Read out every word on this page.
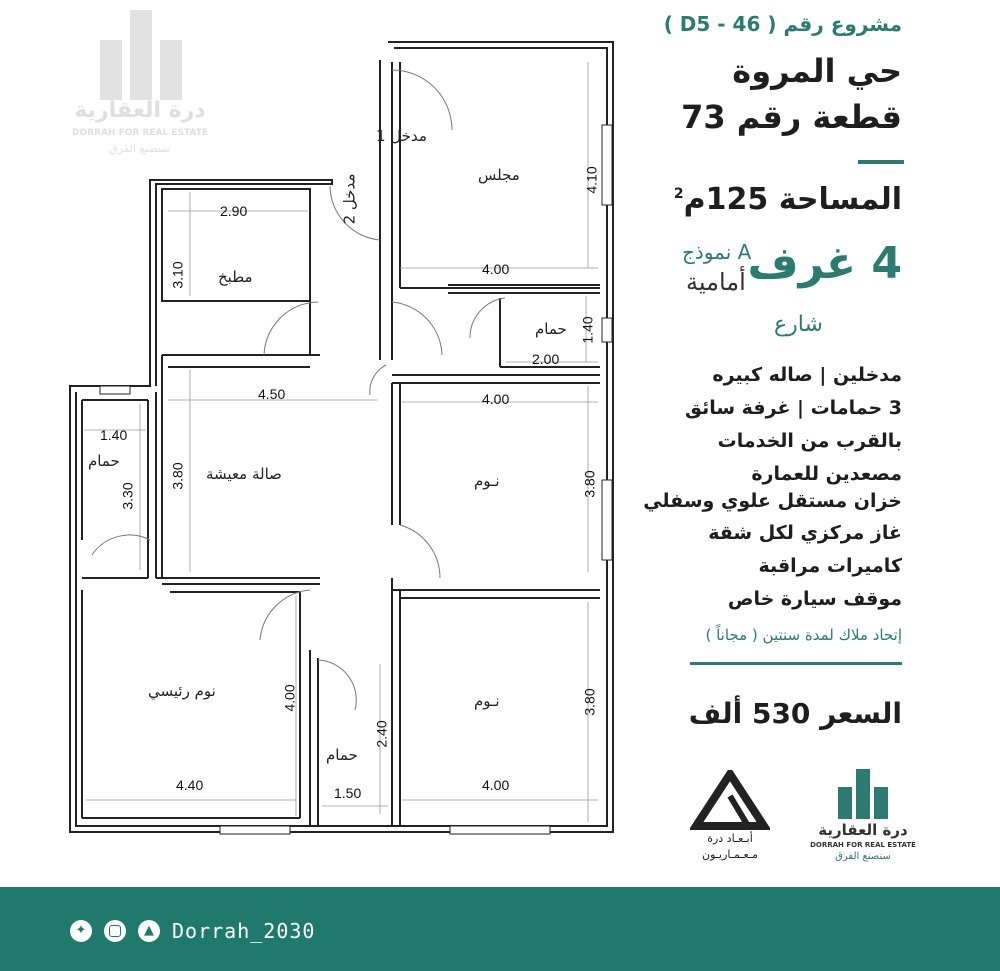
درة العقارية
DORRAH FOR REAL ESTATE
سنصنع الفرق
مجلس
مطبخ
حمام
صالة معيشة	نـوم
حمام
نوم رئيسي
نـوم
حمام
مدخل 1
مدخل 2	4.10
4.00
2.90
3.10
1.40
2.00
4.50
3.80
4.00
3.80
1.40
3.30
4.00
4.40
2.40
1.50
3.80
4.00
مشروع رقم ( D5 - 46 )
حي المروة
قطعة رقم 73
المساحة 125م$^2$
4 غرف
نموذج A
أمامية
شارع
مدخلين | صاله كبيره
3 حمامات | غرفة سائق
بالقرب من الخدمات
مصعدين للعمارة
خزان مستقل علوي وسفلي
غاز مركزي لكل شقة
كاميرات مراقبة
موقف سيارة خاص
إتحاد ملاك لمدة سنتين ( مجاناً )
السعر 530 ألف
أبـعـاد درة
مـعـمـاريـون
درة العقارية
DORRAH FOR REAL ESTATE
سنصنع الفرق
✦	▲ Dorrah_2030
